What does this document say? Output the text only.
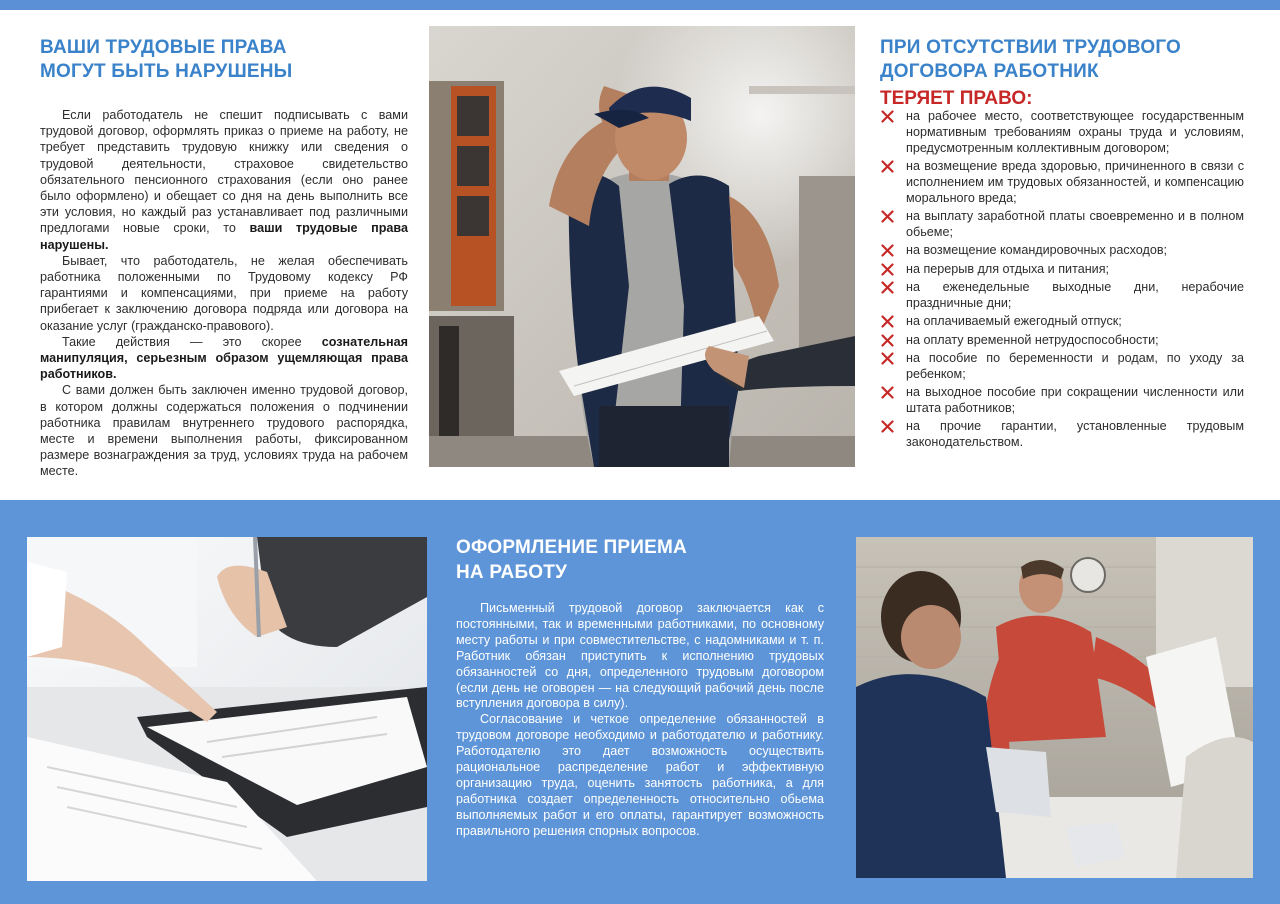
ВАШИ ТРУДОВЫЕ ПРАВА
МОГУТ БЫТЬ НАРУШЕНЫ

Если работодатель не спешит подписывать с вами трудовой договор, оформлять приказ о приеме на работу, не требует представить трудовую книжку или сведения о трудовой деятельности, страховое свидетельство обязательного пенсионного страхования (если оно ранее было оформлено) и обещает со дня на день выполнить все эти условия, но каждый раз устанавливает под различными предлогами новые сроки, то ваши трудовые права нарушены.

Бывает, что работодатель, не желая обеспечивать работника положенными по Трудовому кодексу РФ гарантиями и компенсациями, при приеме на работу прибегает к заключению договора подряда или договора на оказание услуг (гражданско-правового).

Такие действия — это скорее сознательная манипуляция, серьезным образом ущемляющая права работников.

С вами должен быть заключен именно трудовой договор, в котором должны содержаться положения о подчинении работника правилам внутреннего трудового распорядка, месте и времени выполнения работы, фиксированном размере вознаграждения за труд, условиях труда на рабочем месте.

ПРИ ОТСУТСТВИИ ТРУДОВОГО
ДОГОВОРА РАБОТНИК
ТЕРЯЕТ ПРАВО:
на рабочее место, соответствующее государственным нормативным требованиям охраны труда и условиям, предусмотренным коллективным договором;
на возмещение вреда здоровью, причиненного в связи с исполнением им трудовых обязанностей, и компенсацию морального вреда;
на выплату заработной платы своевременно и в полном обьеме;
на возмещение командировочных расходов;
на перерыв для отдыха и питания;
на еженедельные выходные дни, нерабочие праздничные дни;
на оплачиваемый ежегодный отпуск;
на оплату временной нетрудоспособности;
на пособие по беременности и родам, по уходу за ребенком;
на выходное пособие при сокращении численности или штата работников;
на прочие гарантии, установленные трудовым законодательством.
ОФОРМЛЕНИЕ ПРИЕМА
НА РАБОТУ

Письменный трудовой договор заключается как с постоянными, так и временными работниками, по основному месту работы и при совместительстве, с надомниками и т. п. Работник обязан приступить к исполнению трудовых обязанностей со дня, определенного трудовым договором (если день не оговорен — на следующий рабочий день после вступления договора в силу).

Согласование и четкое определение обязанностей в трудовом договоре необходимо и работодателю и работнику. Работодателю это дает возможность осуществить рациональное распределение работ и эффективную организацию труда, оценить занятость работника, а для работника создает определенность относительно обьема выполняемых работ и его оплаты, гарантирует возможность правильного решения спорных вопросов.
